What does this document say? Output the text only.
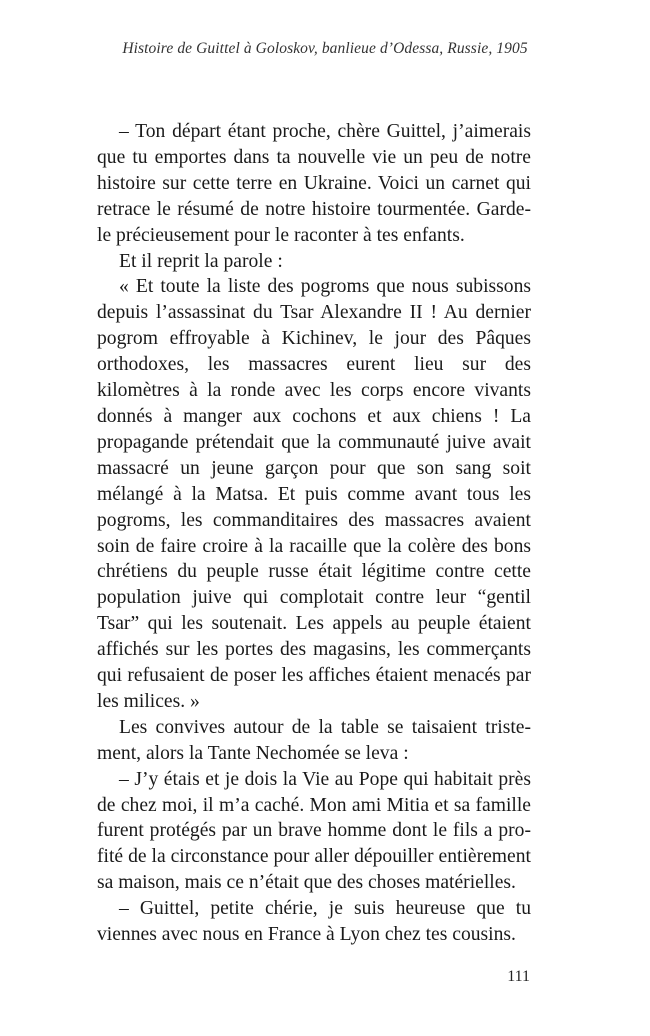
Histoire de Guittel à Goloskov, banlieue d’Odessa, Russie, 1905

– Ton départ étant proche, chère Guittel, j’aimerais que tu emportes dans ta nouvelle vie un peu de notre histoire sur cette terre en Ukraine. Voici un carnet qui retrace le résumé de notre histoire tourmentée. Garde-le précieusement pour le raconter à tes enfants.

Et il reprit la parole :

« Et toute la liste des pogroms que nous subissons depuis l’assassinat du Tsar Alexandre II ! Au dernier pogrom effroyable à Kichinev, le jour des Pâques orthodoxes, les massacres eurent lieu sur des kilomètres à la ronde avec les corps encore vivants donnés à manger aux cochons et aux chiens ! La propagande prétendait que la communauté juive avait massacré un jeune garçon pour que son sang soit mélangé à la Matsa. Et puis comme avant tous les pogroms, les commanditaires des massacres avaient soin de faire croire à la racaille que la colère des bons chrétiens du peuple russe était légitime contre cette population juive qui complotait contre leur “gentil Tsar” qui les soutenait. Les appels au peuple étaient affichés sur les portes des magasins, les commerçants qui refusaient de poser les affiches étaient menacés par les milices. »

Les convives autour de la table se taisaient tristement, alors la Tante Nechomée se leva :

– J’y étais et je dois la Vie au Pope qui habitait près de chez moi, il m’a caché. Mon ami Mitia et sa famille furent protégés par un brave homme dont le fils a profité de la circonstance pour aller dépouiller entièrement sa maison, mais ce n’était que des choses matérielles.

– Guittel, petite chérie, je suis heureuse que tu viennes avec nous en France à Lyon chez tes cousins.

111
